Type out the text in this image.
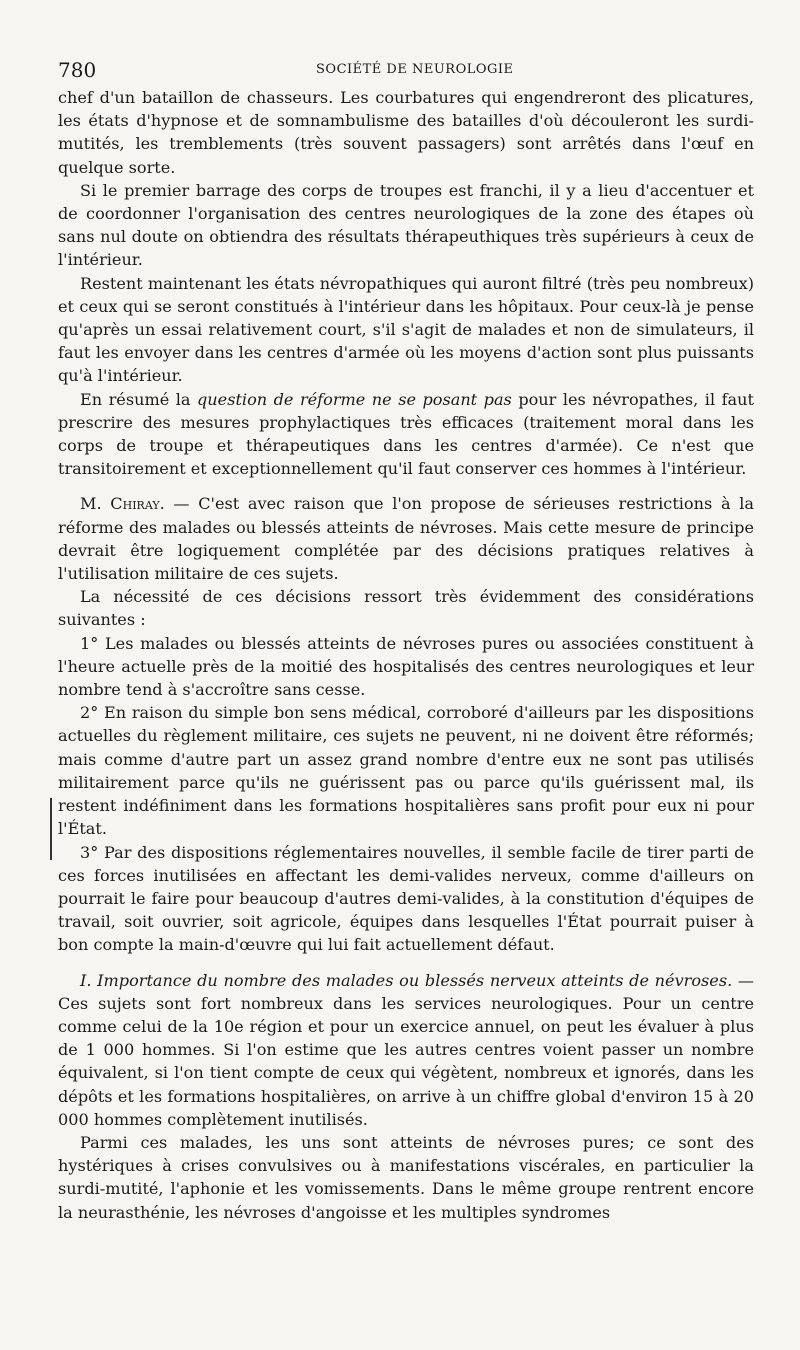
780	SOCIÉTÉ DE NEUROLOGIE

chef d'un bataillon de chasseurs. Les courbatures qui engendreront des plicatures, les états d'hypnose et de somnambulisme des batailles d'où découleront les surdi-mutités, les tremblements (très souvent passagers) sont arrêtés dans l'œuf en quelque sorte.

Si le premier barrage des corps de troupes est franchi, il y a lieu d'accentuer et de coordonner l'organisation des centres neurologiques de la zone des étapes où sans nul doute on obtiendra des résultats thérapeuthiques très supérieurs à ceux de l'intérieur.

Restent maintenant les états névropathiques qui auront filtré (très peu nombreux) et ceux qui se seront constitués à l'intérieur dans les hôpitaux. Pour ceux-là je pense qu'après un essai relativement court, s'il s'agit de malades et non de simulateurs, il faut les envoyer dans les centres d'armée où les moyens d'action sont plus puissants qu'à l'intérieur.

En résumé la question de réforme ne se posant pas pour les névropathes, il faut prescrire des mesures prophylactiques très efficaces (traitement moral dans les corps de troupe et thérapeutiques dans les centres d'armée). Ce n'est que transitoirement et exceptionnellement qu'il faut conserver ces hommes à l'intérieur.

M. Chiray. — C'est avec raison que l'on propose de sérieuses restrictions à la réforme des malades ou blessés atteints de névroses. Mais cette mesure de principe devrait être logiquement complétée par des décisions pratiques relatives à l'utilisation militaire de ces sujets.

La nécessité de ces décisions ressort très évidemment des considérations suivantes :

1° Les malades ou blessés atteints de névroses pures ou associées constituent à l'heure actuelle près de la moitié des hospitalisés des centres neurologiques et leur nombre tend à s'accroître sans cesse.

2° En raison du simple bon sens médical, corroboré d'ailleurs par les dispositions actuelles du règlement militaire, ces sujets ne peuvent, ni ne doivent être réformés; mais comme d'autre part un assez grand nombre d'entre eux ne sont pas utilisés militairement parce qu'ils ne guérissent pas ou parce qu'ils guérissent mal, ils restent indéfiniment dans les formations hospitalières sans profit pour eux ni pour l'État.

3° Par des dispositions réglementaires nouvelles, il semble facile de tirer parti de ces forces inutilisées en affectant les demi-valides nerveux, comme d'ailleurs on pourrait le faire pour beaucoup d'autres demi-valides, à la constitution d'équipes de travail, soit ouvrier, soit agricole, équipes dans lesquelles l'État pourrait puiser à bon compte la main-d'œuvre qui lui fait actuellement défaut.

I. Importance du nombre des malades ou blessés nerveux atteints de névroses. — Ces sujets sont fort nombreux dans les services neurologiques. Pour un centre comme celui de la 10e région et pour un exercice annuel, on peut les évaluer à plus de 1 000 hommes. Si l'on estime que les autres centres voient passer un nombre équivalent, si l'on tient compte de ceux qui végètent, nombreux et ignorés, dans les dépôts et les formations hospitalières, on arrive à un chiffre global d'environ 15 à 20 000 hommes complètement inutilisés.

Parmi ces malades, les uns sont atteints de névroses pures; ce sont des hystériques à crises convulsives ou à manifestations viscérales, en particulier la surdi-mutité, l'aphonie et les vomissements. Dans le même groupe rentrent encore la neurasthénie, les névroses d'angoisse et les multiples syndromes
